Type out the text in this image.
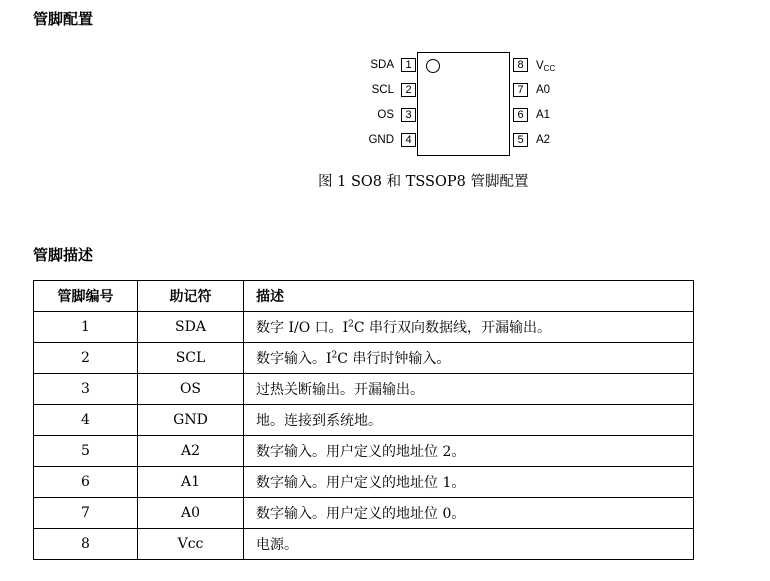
管脚配置
SDA	1
SCL	2
OS	3
GND	4
8	$V_{CC}$
7	A0
6	A1
5	A2
图 1 SO8 和 TSSOP8 管脚配置
管脚描述
管脚编号	助记符	描述
1	SDA	数字 I/O 口。$I^2C$ 串行双向数据线，开漏输出。
2	SCL	数字输入。$I^2C$ 串行时钟输入。
3	OS	过热关断输出。开漏输出。
4	GND	地。连接到系统地。
5	A2	数字输入。用户定义的地址位 2。
6	A1	数字输入。用户定义的地址位 1。
7	A0	数字输入。用户定义的地址位 0。
8	Vcc	电源。
